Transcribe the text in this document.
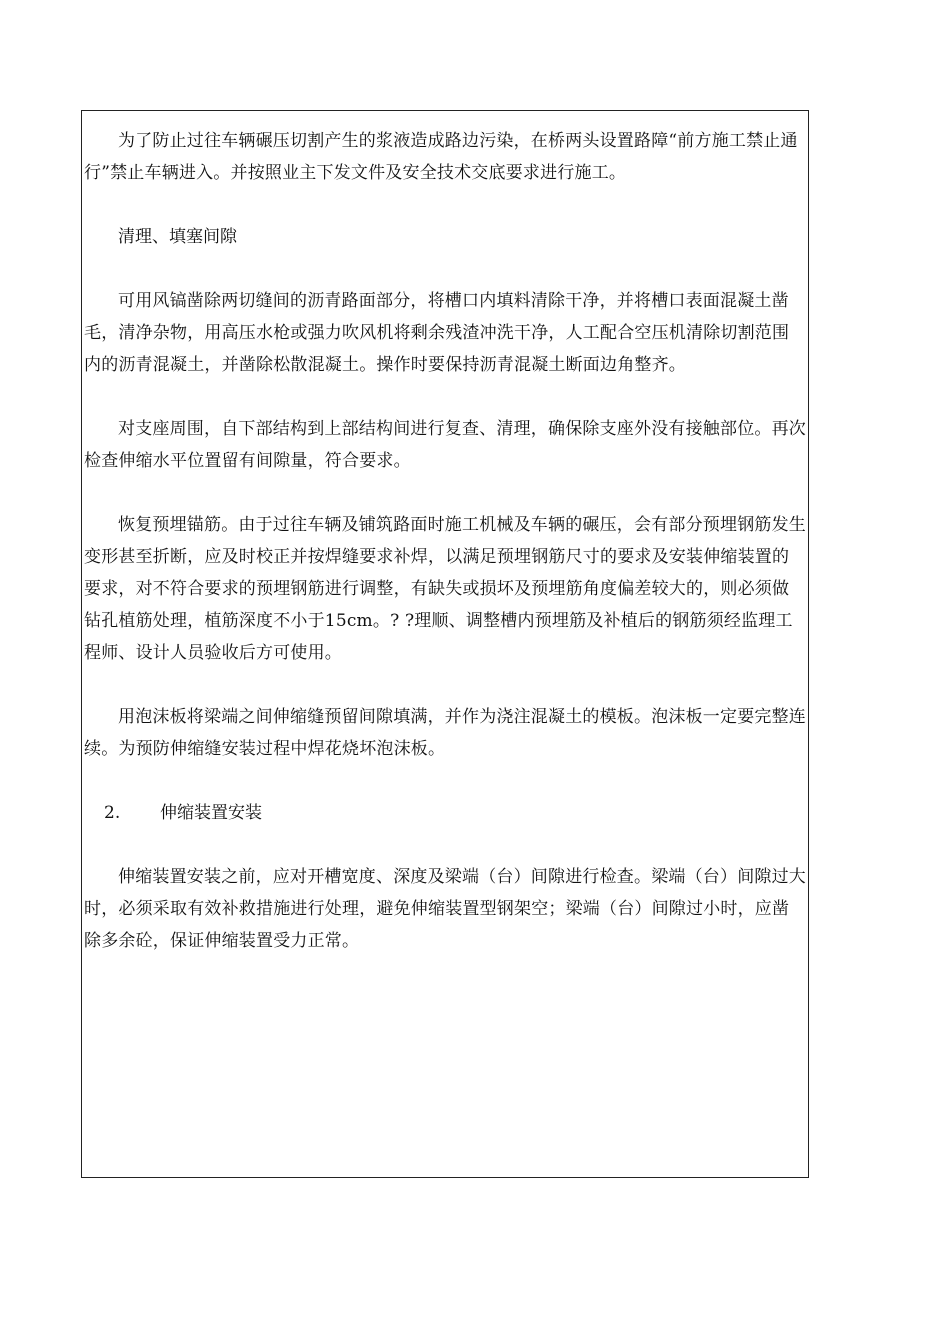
为了防止过往车辆碾压切割产生的浆液造成路边污染，在桥两头设置路障“前方施工禁止通行”禁止车辆进入。并按照业主下发文件及安全技术交底要求进行施工。

清理、填塞间隙

可用风镐凿除两切缝间的沥青路面部分，将槽口内填料清除干净，并将槽口表面混凝土凿毛，清净杂物，用高压水枪或强力吹风机将剩余残渣冲洗干净，人工配合空压机清除切割范围内的沥青混凝土，并凿除松散混凝土。操作时要保持沥青混凝土断面边角整齐。

对支座周围，自下部结构到上部结构间进行复查、清理，确保除支座外没有接触部位。再次检查伸缩水平位置留有间隙量，符合要求。

恢复预埋锚筋。由于过往车辆及铺筑路面时施工机械及车辆的碾压，会有部分预埋钢筋发生变形甚至折断，应及时校正并按焊缝要求补焊，以满足预埋钢筋尺寸的要求及安装伸缩装置的要求，对不符合要求的预埋钢筋进行调整，有缺失或损坏及预埋筋角度偏差较大的，则必须做钻孔植筋处理，植筋深度不小于15cm。? ?理顺、调整槽内预埋筋及补植后的钢筋须经监理工程师、设计人员验收后方可使用。

用泡沫板将梁端之间伸缩缝预留间隙填满，并作为浇注混凝土的模板。泡沫板一定要完整连续。为预防伸缩缝安装过程中焊花烧坏泡沫板。

2.	伸缩装置安装

伸缩装置安装之前，应对开槽宽度、深度及梁端（台）间隙进行检查。梁端（台）间隙过大时，必须采取有效补救措施进行处理，避免伸缩装置型钢架空；梁端（台）间隙过小时，应凿除多余砼，保证伸缩装置受力正常。
